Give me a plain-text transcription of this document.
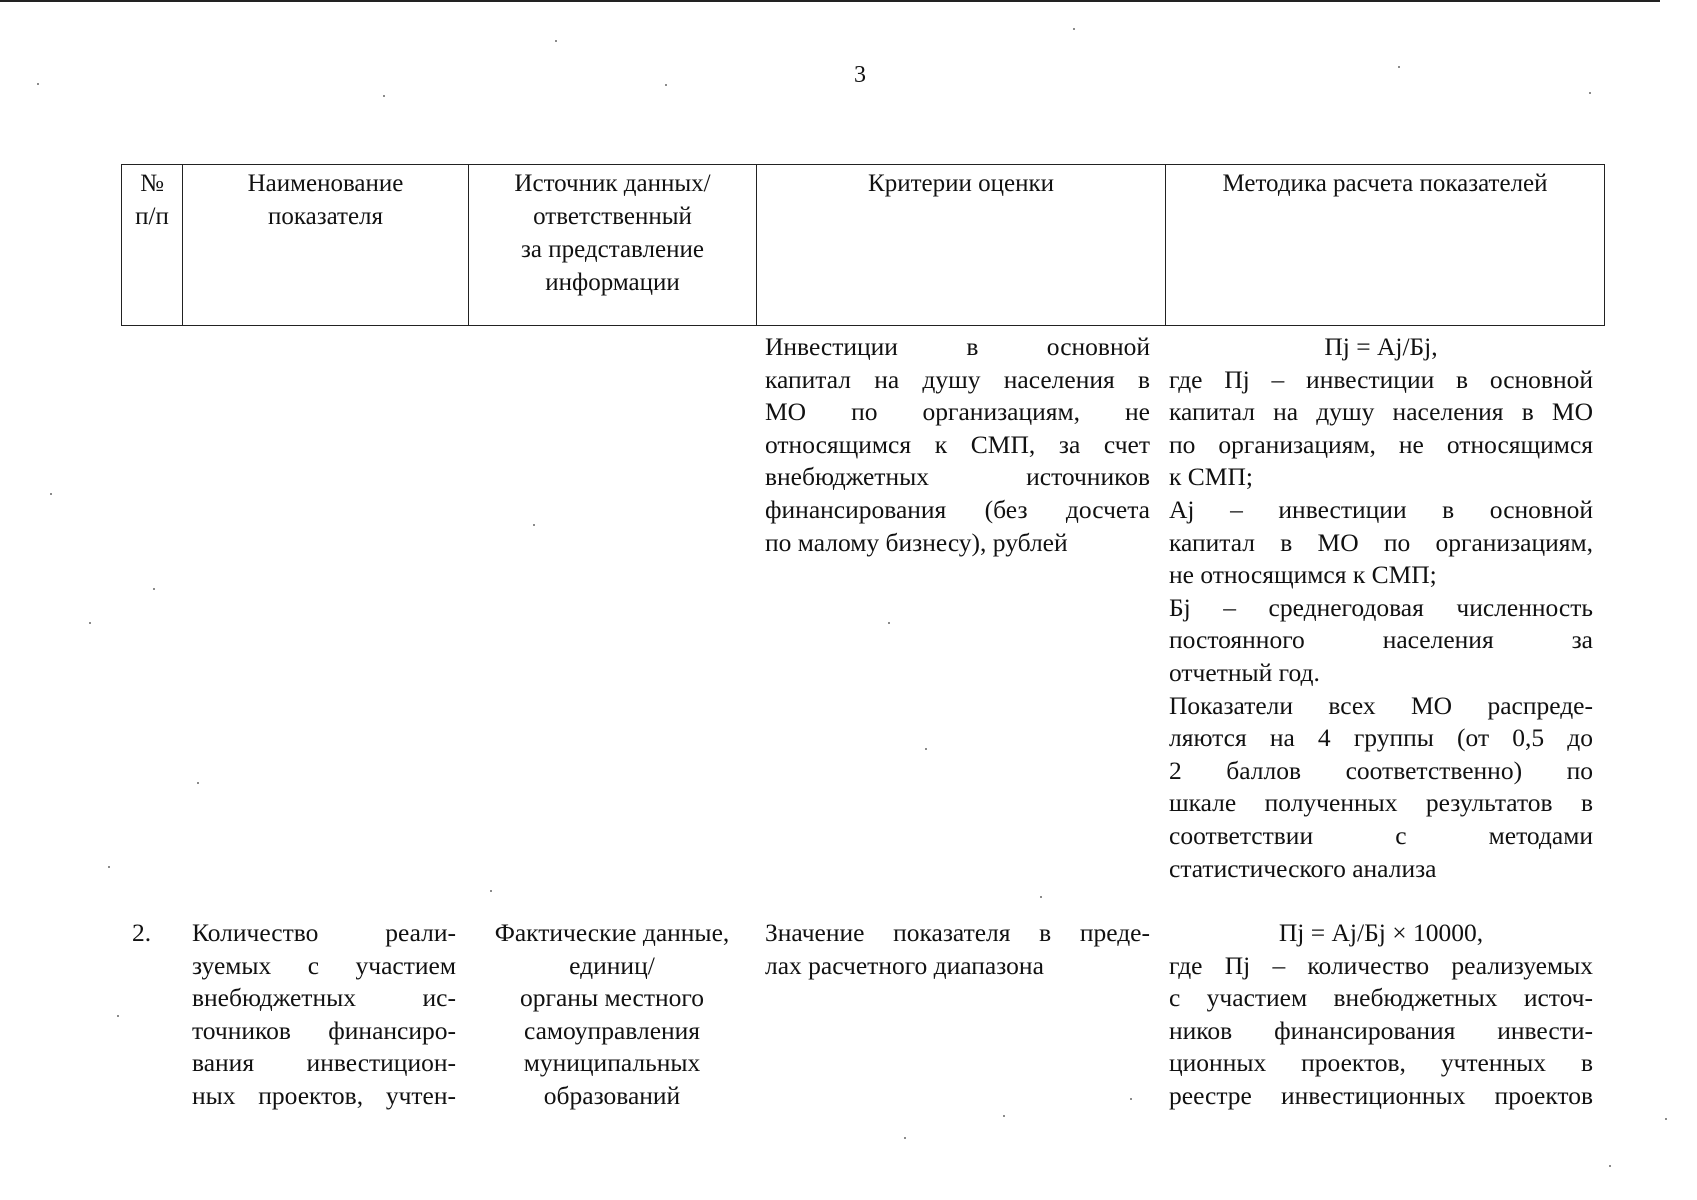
3
№
п/п
Наименование
показателя
Источник данных/
ответственный
за представление
информации
Критерии оценки	Методика расчета показателей
Инвестиции в основной
капитал на душу населения в
МО по организациям, не
относящимся к СМП, за счет
внебюджетных источников
финансирования (без досчета
по малому бизнесу), рублей
Пj = Аj/Бj,
где Пj – инвестиции в основной
капитал на душу населения в МО
по организациям, не относящимся
к СМП;
Аj – инвестиции в основной
капитал в МО по организациям,
не относящимся к СМП;
Бj – среднегодовая численность
постоянного населения за
отчетный год.
Показатели всех МО распреде-
ляются на 4 группы (от 0,5 до
2 баллов соответственно) по
шкале полученных результатов в
соответствии с методами
статистического анализа
2.	Количество реали-
зуемых с участием
внебюджетных ис-
точников финансиро-
вания инвестицион-
ных проектов, учтен-
Фактические данные,
единиц/
органы местного
самоуправления
муниципальных
образований
Значение показателя в преде-
лах расчетного диапазона
Пj = Аj/Бj × 10000,
где Пj – количество реализуемых
с участием внебюджетных источ-
ников финансирования инвести-
ционных проектов, учтенных в
реестре инвестиционных проектов
